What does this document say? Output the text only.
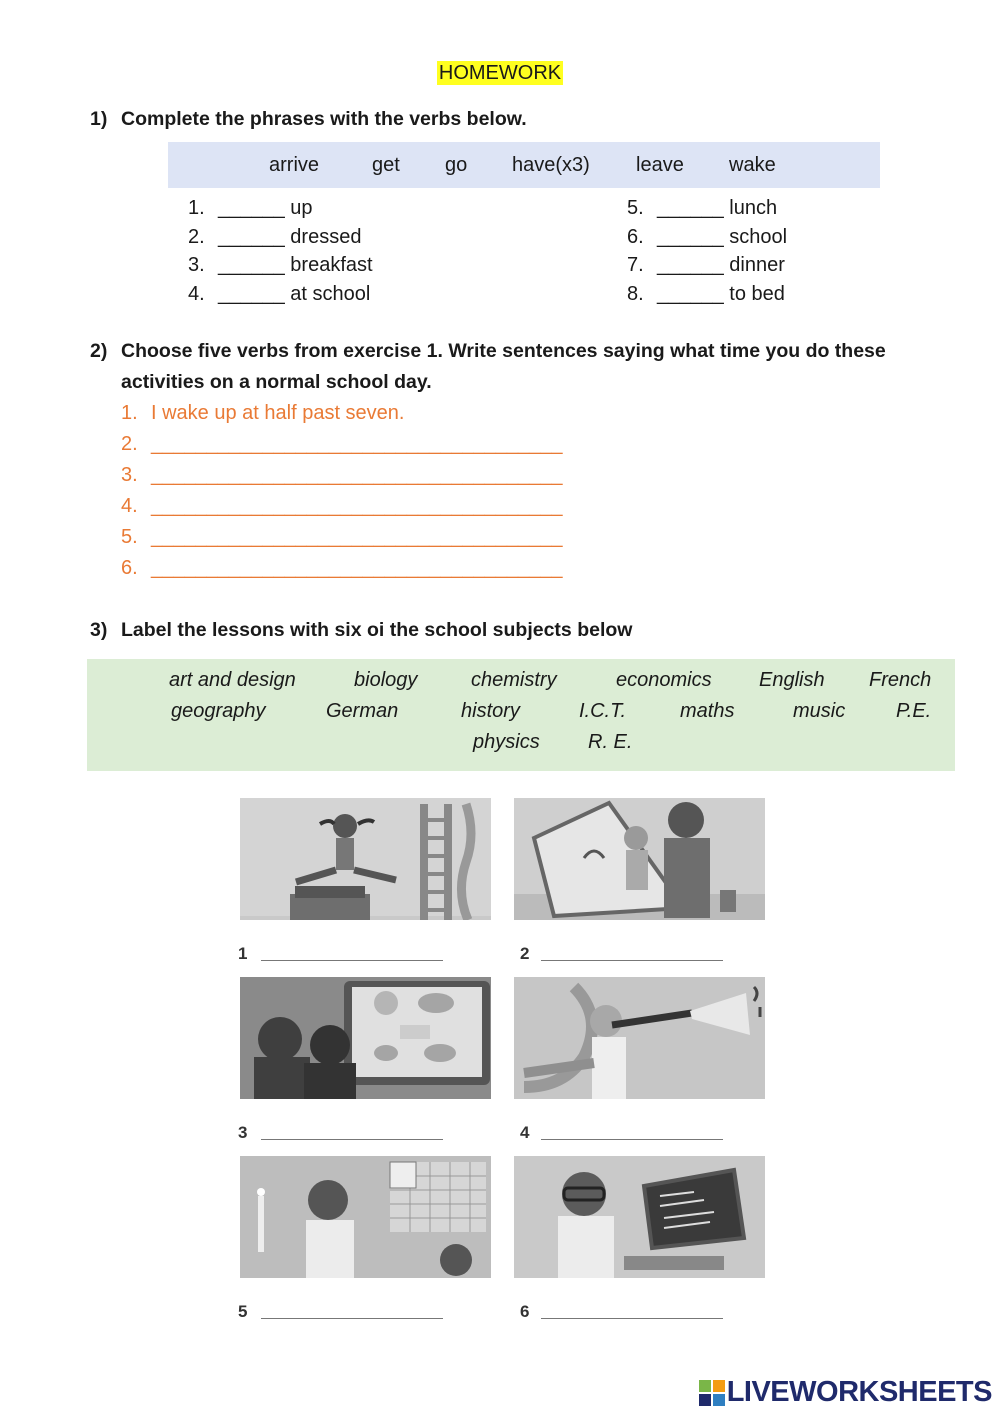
HOMEWORK
1) Complete the phrases with the verbs below.
arrive	get go have(x3) leave wake
1. ______ up
2. ______ dressed
3. ______ breakfast
4. ______ at school
5. ______ lunch
6. ______ school
7. ______ dinner
8. ______ to bed
2) Choose five verbs from exercise 1. Write sentences saying what time you do these activities on a normal school day.
1. I wake up at half past seven.
2. _____________________________________
3. _____________________________________
4. _____________________________________
5. _____________________________________
6. _____________________________________
3) Label the lessons with six oi the school subjects below
art and design	biology	chemistry	economics English French
geography	German	history	I.C.T.	maths	music	P.E.
physics R. E.
1	2
3	4
5	6
LIVEWORKSHEETS
